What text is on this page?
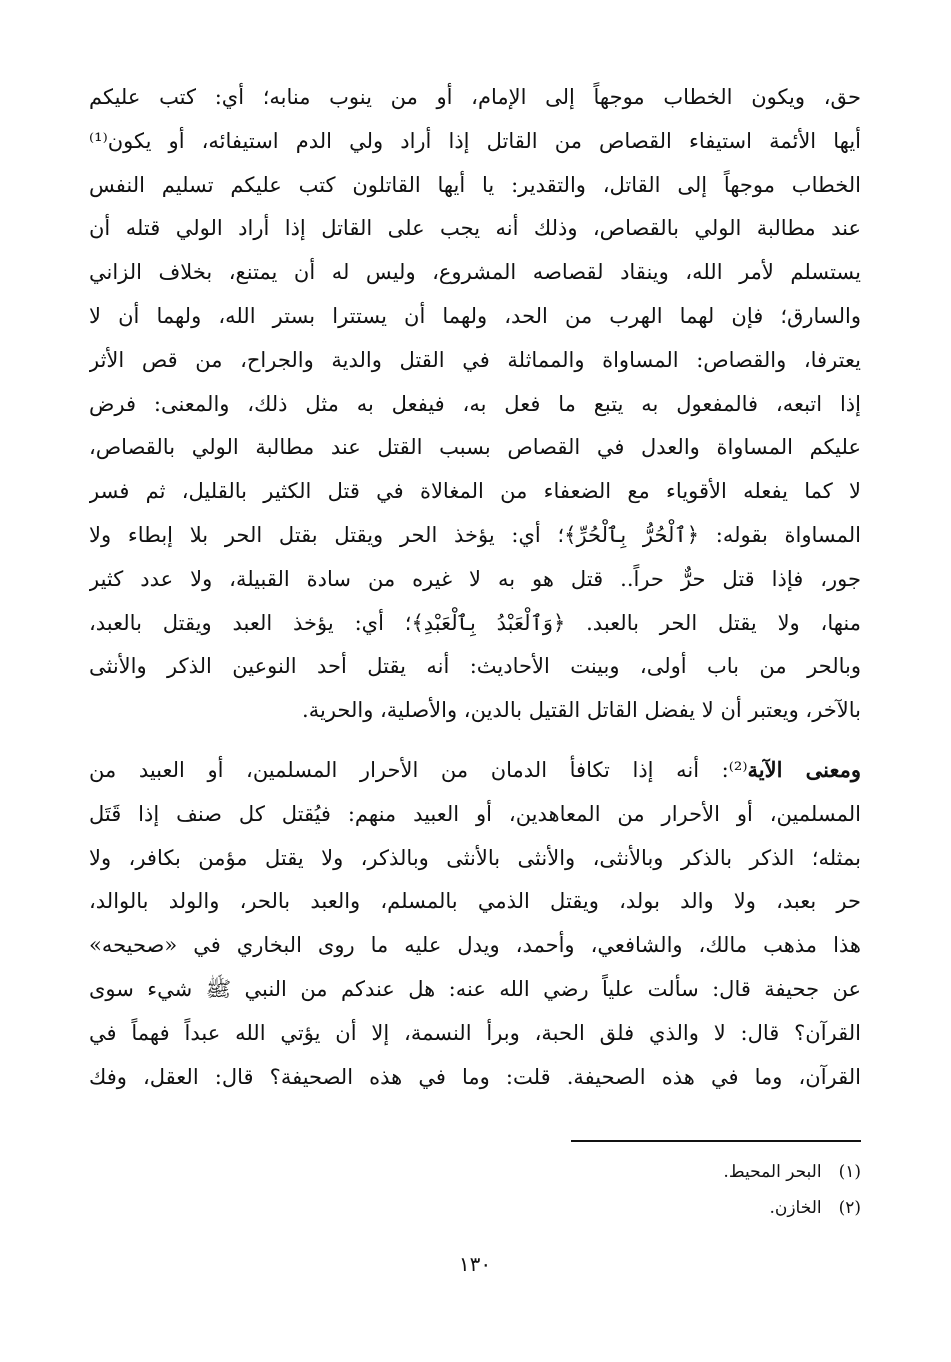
حق، ويكون الخطاب موجهاً إلى الإمام، أو من ينوب منابه؛ أي: كتب عليكم
أيها الأئمة استيفاء القصاص من القاتل إذا أراد ولي الدم استيفائه، أو يكون⁽¹⁾
الخطاب موجهاً إلى القاتل، والتقدير: يا أيها القاتلون كتب عليكم تسليم النفس
عند مطالبة الولي بالقصاص، وذلك أنه يجب على القاتل إذا أراد الولي قتله أن
يستسلم لأمر الله، وينقاد لقصاصه المشروع، وليس له أن يمتنع، بخلاف الزاني
والسارق؛ فإن لهما الهرب من الحد، ولهما أن يستترا بستر الله، ولهما أن لا
يعترفا، والقصاص: المساواة والمماثلة في القتل والدية والجراح، من قص الأثر
إذا اتبعه، فالمفعول به يتبع ما فعل به، فيفعل به مثل ذلك، والمعنى: فرض
عليكم المساواة والعدل في القصاص بسبب القتل عند مطالبة الولي بالقصاص،
لا كما يفعله الأقوياء مع الضعفاء من المغالاة في قتل الكثير بالقليل، ثم فسر
المساواة بقوله: ﴿ٱلْحُرُّ بِٱلْحُرِّ﴾؛ أي: يؤخذ الحر ويقتل بقتل الحر بلا إبطاء ولا
جور، فإذا قتل حرٌّ حراً.. قتل هو به لا غيره من سادة القبيلة، ولا عدد كثير
منها، ولا يقتل الحر بالعبد. ﴿وَٱلْعَبْدُ بِٱلْعَبْدِ﴾؛ أي: يؤخذ العبد ويقتل بالعبد،
وبالحر من باب أولى، وبينت الأحاديث: أنه يقتل أحد النوعين الذكر والأنثى
بالآخر، ويعتبر أن لا يفضل القاتل القتيل بالدين، والأصلية، والحرية.
ومعنى الآية⁽²⁾: أنه إذا تكافأ الدمان من الأحرار المسلمين، أو العبيد من
المسلمين، أو الأحرار من المعاهدين، أو العبيد منهم: فيُقتل كل صنف إذا قَتَل
بمثله؛ الذكر بالذكر وبالأنثى، والأنثى بالأنثى وبالذكر، ولا يقتل مؤمن بكافر، ولا
حر بعبد، ولا والد بولد، ويقتل الذمي بالمسلم، والعبد بالحر، والولد بالوالد،
هذا مذهب مالك، والشافعي، وأحمد، ويدل عليه ما روى البخاري في «صحيحه»
عن جحيفة قال: سألت علياً رضي الله عنه: هل عندكم من النبي ﷺ شيء سوى
القرآن؟ قال: لا والذي فلق الحبة، وبرأ النسمة، إلا أن يؤتي الله عبداً فهماً في
القرآن، وما في هذه الصحيفة. قلت: وما في هذه الصحيفة؟ قال: العقل، وفك
(١) البحر المحيط.
(٢) الخازن.
١٣٠
